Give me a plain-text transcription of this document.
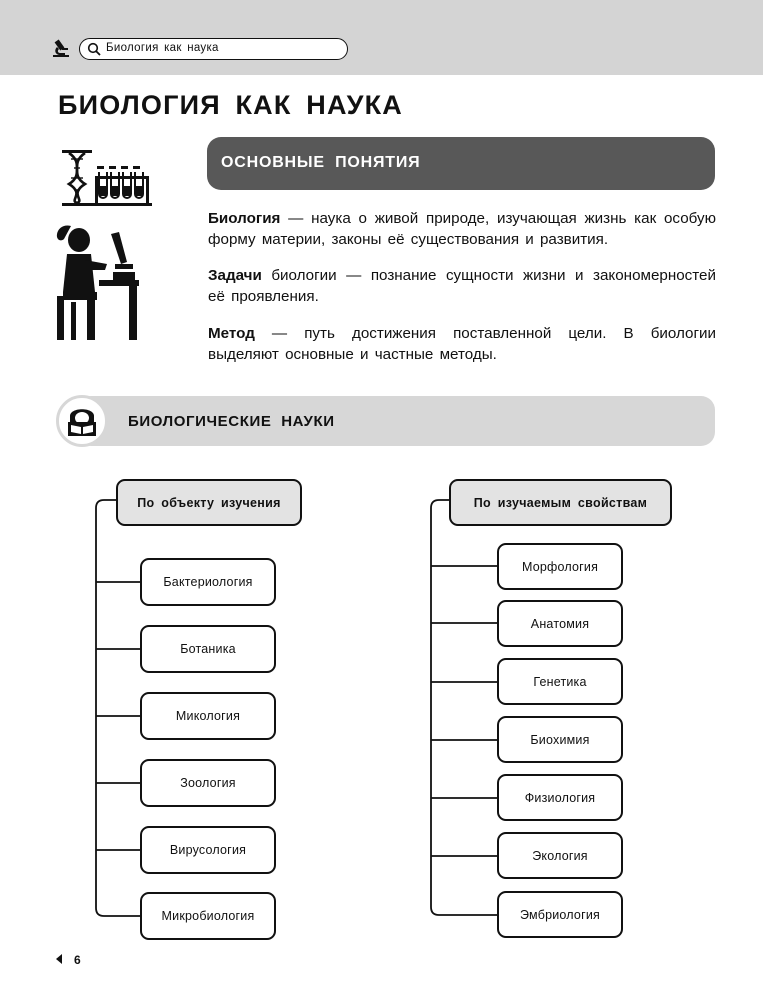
Биология как наука
БИОЛОГИЯ КАК НАУКА
ОСНОВНЫЕ ПОНЯТИЯ

Биология — наука о живой природе, изучающая жизнь как особую форму материи, законы её существования и развития.

Задачи биологии — познание сущности жизни и закономерностей её проявления.

Метод — путь достижения поставленной цели. В биологии выделяют основные и частные методы.

БИОЛОГИЧЕСКИЕ НАУКИ
По объекту изучения
Бактериология
Ботаника
Микология
Зоология
Вирусология
Микробиология
По изучаемым свойствам
Морфология
Анатомия
Генетика
Биохимия
Физиология
Экология
Эмбриология
6
